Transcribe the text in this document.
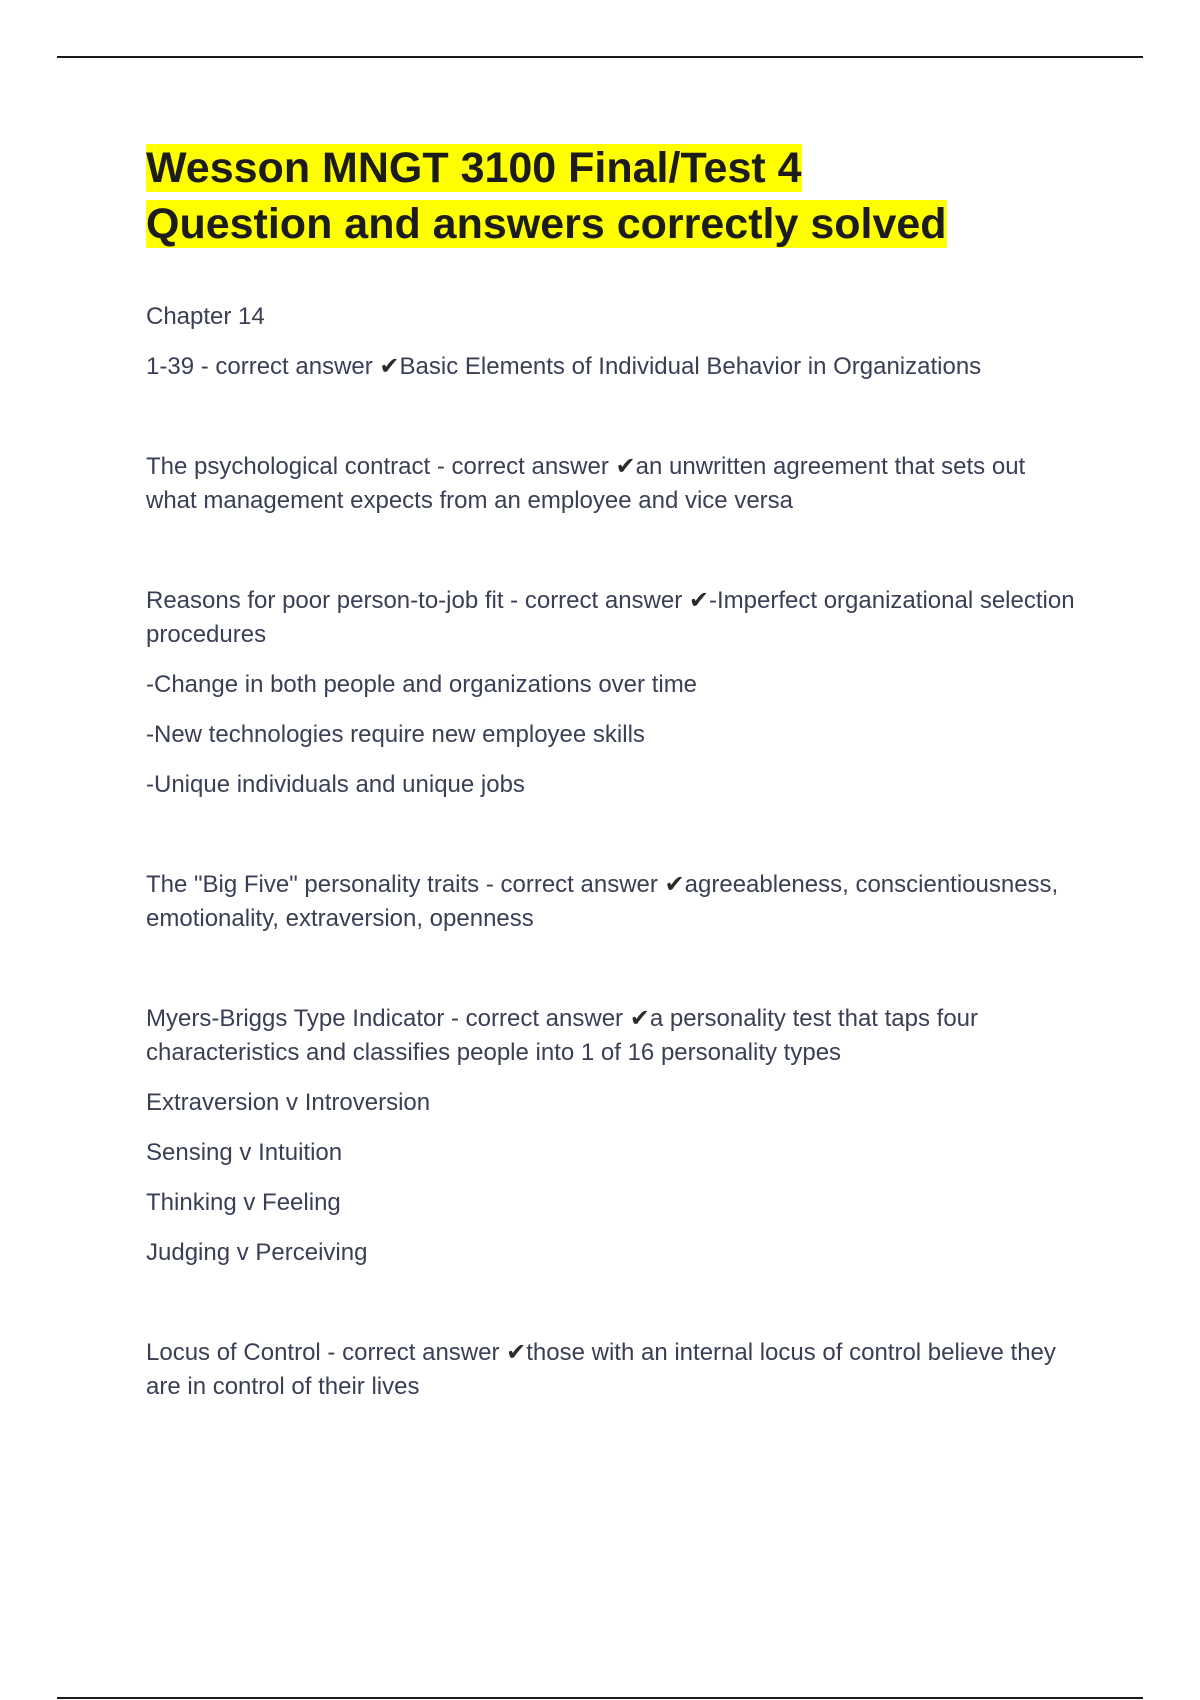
Wesson MNGT 3100 Final/Test 4
Question and answers correctly solved

Chapter 14

1-39 - correct answer ✔Basic Elements of Individual Behavior in Organizations

The psychological contract - correct answer ✔an unwritten agreement that sets out what management expects from an employee and vice versa

Reasons for poor person-to-job fit - correct answer ✔-Imperfect organizational selection procedures

-Change in both people and organizations over time

-New technologies require new employee skills

-Unique individuals and unique jobs

The "Big Five" personality traits - correct answer ✔agreeableness, conscientiousness, emotionality, extraversion, openness

Myers-Briggs Type Indicator - correct answer ✔a personality test that taps four characteristics and classifies people into 1 of 16 personality types

Extraversion v Introversion

Sensing v Intuition

Thinking v Feeling

Judging v Perceiving

Locus of Control - correct answer ✔those with an internal locus of control believe they are in control of their lives
